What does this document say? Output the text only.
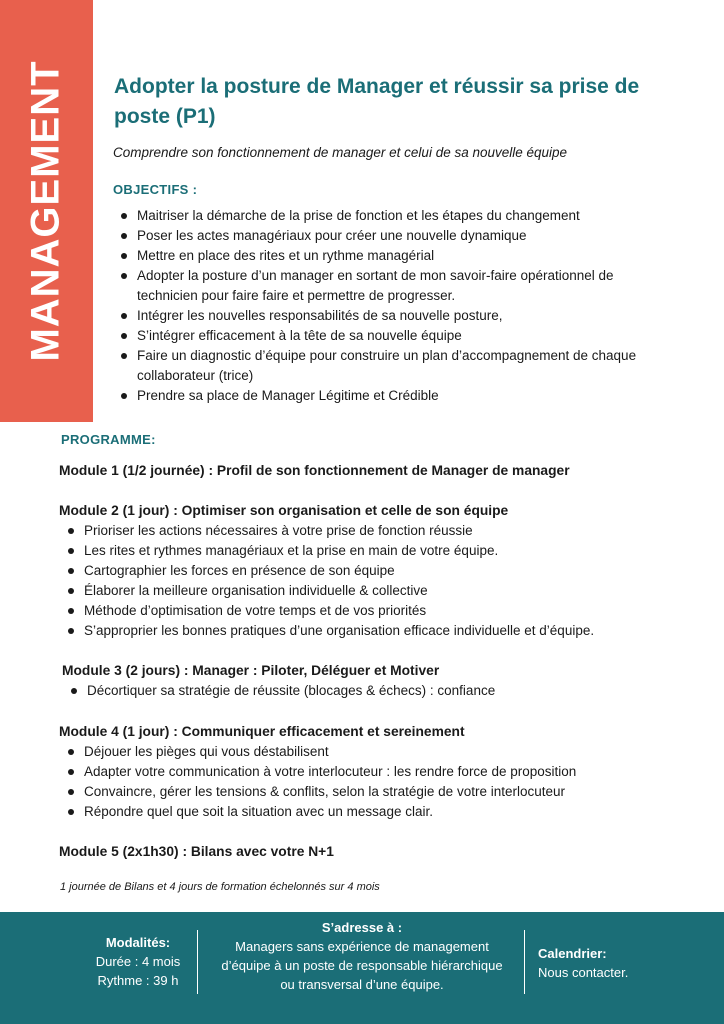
MANAGEMENT Adopter la posture de Manager et réussir sa prise de poste (P1)
Comprendre son fonctionnement de manager et celui de sa nouvelle équipe
OBJECTIFS :
Maitriser la démarche de la prise de fonction et les étapes du changement
Poser les actes managériaux pour créer une nouvelle dynamique
Mettre en place des rites et un rythme managérial
Adopter la posture d’un manager en sortant de mon savoir-faire opérationnel de technicien pour faire faire et permettre de progresser.
Intégrer les nouvelles responsabilités de sa nouvelle posture,
S’intégrer efficacement à la tête de sa nouvelle équipe
Faire un diagnostic d’équipe pour construire un plan d’accompagnement de chaque collaborateur (trice)
Prendre sa place de Manager Légitime et Crédible
PROGRAMME:
Module 1 (1/2 journée) : Profil de son fonctionnement de Manager de manager
Module 2 (1 jour) : Optimiser son organisation et celle de son équipe
Prioriser les actions nécessaires à votre prise de fonction réussie
Les rites et rythmes managériaux et la prise en main de votre équipe.
Cartographier les forces en présence de son équipe
Élaborer la meilleure organisation individuelle & collective
Méthode d’optimisation de votre temps et de vos priorités
S’approprier les bonnes pratiques d’une organisation efficace individuelle et d’équipe.
Module 3 (2 jours) : Manager : Piloter, Déléguer et Motiver
Décortiquer sa stratégie de réussite (blocages & échecs) : confiance
Module 4 (1 jour) : Communiquer efficacement et sereinement
Déjouer les pièges qui vous déstabilisent
Adapter votre communication à votre interlocuteur : les rendre force de proposition
Convaincre, gérer les tensions & conflits, selon la stratégie de votre interlocuteur
Répondre quel que soit la situation avec un message clair.
Module 5 (2x1h30) : Bilans avec votre N+1
1 journée de Bilans et 4 jours de formation échelonnés sur 4 mois
Modalités:
Durée : 4 mois
Rythme : 39 h
S’adresse à :
Managers sans expérience de management
d’équipe à un poste de responsable hiérarchique
ou transversal d’une équipe.
Calendrier:
Nous contacter.
